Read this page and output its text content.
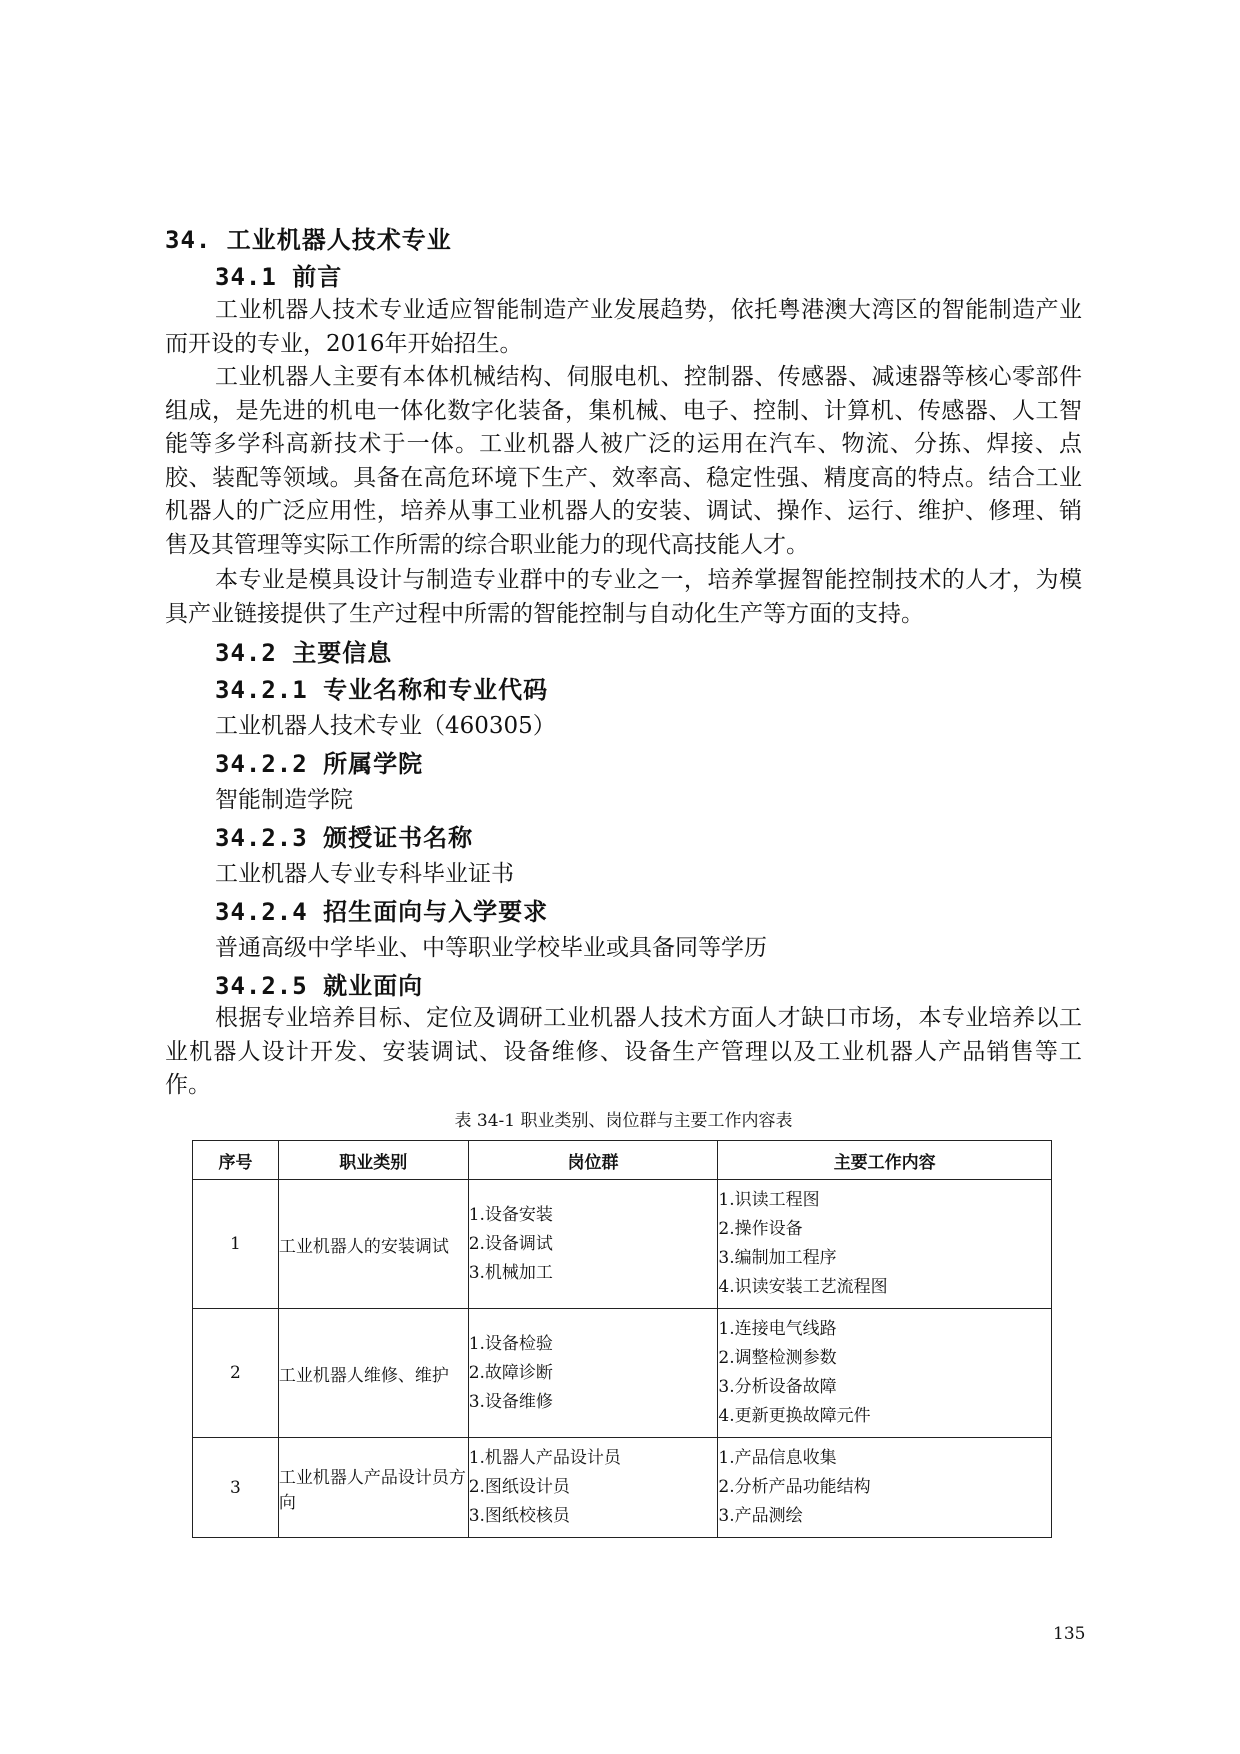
34. 工业机器人技术专业
34.1 前言

工业机器人技术专业适应智能制造产业发展趋势，依托粤港澳大湾区的智能制造产业而开设的专业，2016年开始招生。

工业机器人主要有本体机械结构、伺服电机、控制器、传感器、减速器等核心零部件组成，是先进的机电一体化数字化装备，集机械、电子、控制、计算机、传感器、人工智能等多学科高新技术于一体。工业机器人被广泛的运用在汽车、物流、分拣、焊接、点胶、装配等领域。具备在高危环境下生产、效率高、稳定性强、精度高的特点。结合工业机器人的广泛应用性，培养从事工业机器人的安装、调试、操作、运行、维护、修理、销售及其管理等实际工作所需的综合职业能力的现代高技能人才。

本专业是模具设计与制造专业群中的专业之一，培养掌握智能控制技术的人才，为模具产业链接提供了生产过程中所需的智能控制与自动化生产等方面的支持。

34.2 主要信息
34.2.1 专业名称和专业代码
工业机器人技术专业（460305）
34.2.2 所属学院
智能制造学院
34.2.3 颁授证书名称
工业机器人专业专科毕业证书
34.2.4 招生面向与入学要求
普通高级中学毕业、中等职业学校毕业或具备同等学历
34.2.5 就业面向

根据专业培养目标、定位及调研工业机器人技术方面人才缺口市场，本专业培养以工业机器人设计开发、安装调试、设备维修、设备生产管理以及工业机器人产品销售等工作。

表 34-1 职业类别、岗位群与主要工作内容表
序号	职业类别	岗位群	主要工作内容
1	工业机器人的安装调试	1.设备安装
2.设备调试
3.机械加工	1.识读工程图
2.操作设备
3.编制加工程序
4.识读安装工艺流程图

2	工业机器人维修、维护	1.设备检验
2.故障诊断
3.设备维修	1.连接电气线路
2.调整检测参数
3.分析设备故障
4.更新更换故障元件

3	工业机器人产品设计员方向	1.机器人产品设计员
2.图纸设计员
3.图纸校核员	1.产品信息收集
2.分析产品功能结构
3.产品测绘
135
